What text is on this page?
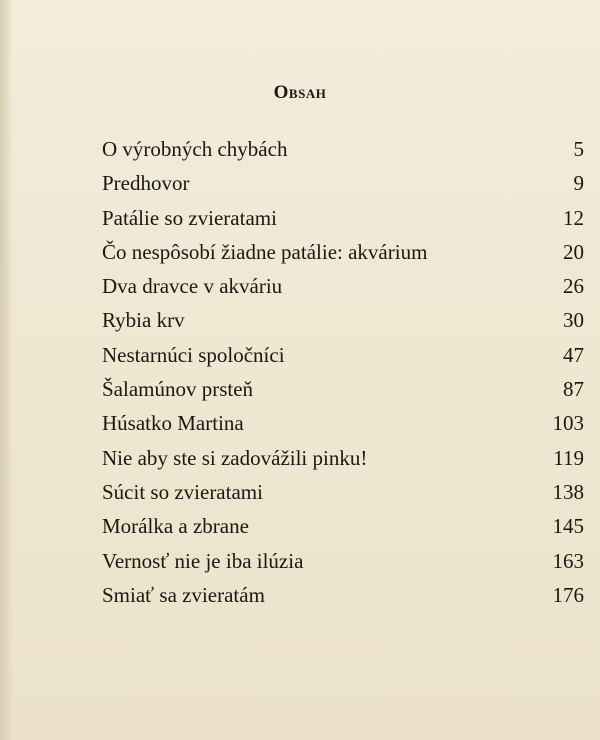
Obsah
O výrobných chybách	5
Predhovor	9
Patálie so zvieratami	12
Čo nespôsobí žiadne patálie: akvárium	20
Dva dravce v akváriu	26
Rybia krv	30
Nestarnúci spoločníci	47
Šalamúnov prsteň	87
Húsatko Martina	103
Nie aby ste si zadovážili pinku!	119
Súcit so zvieratami	138
Morálka a zbrane	145
Vernosť nie je iba ilúzia	163
Smiať sa zvieratám	176
